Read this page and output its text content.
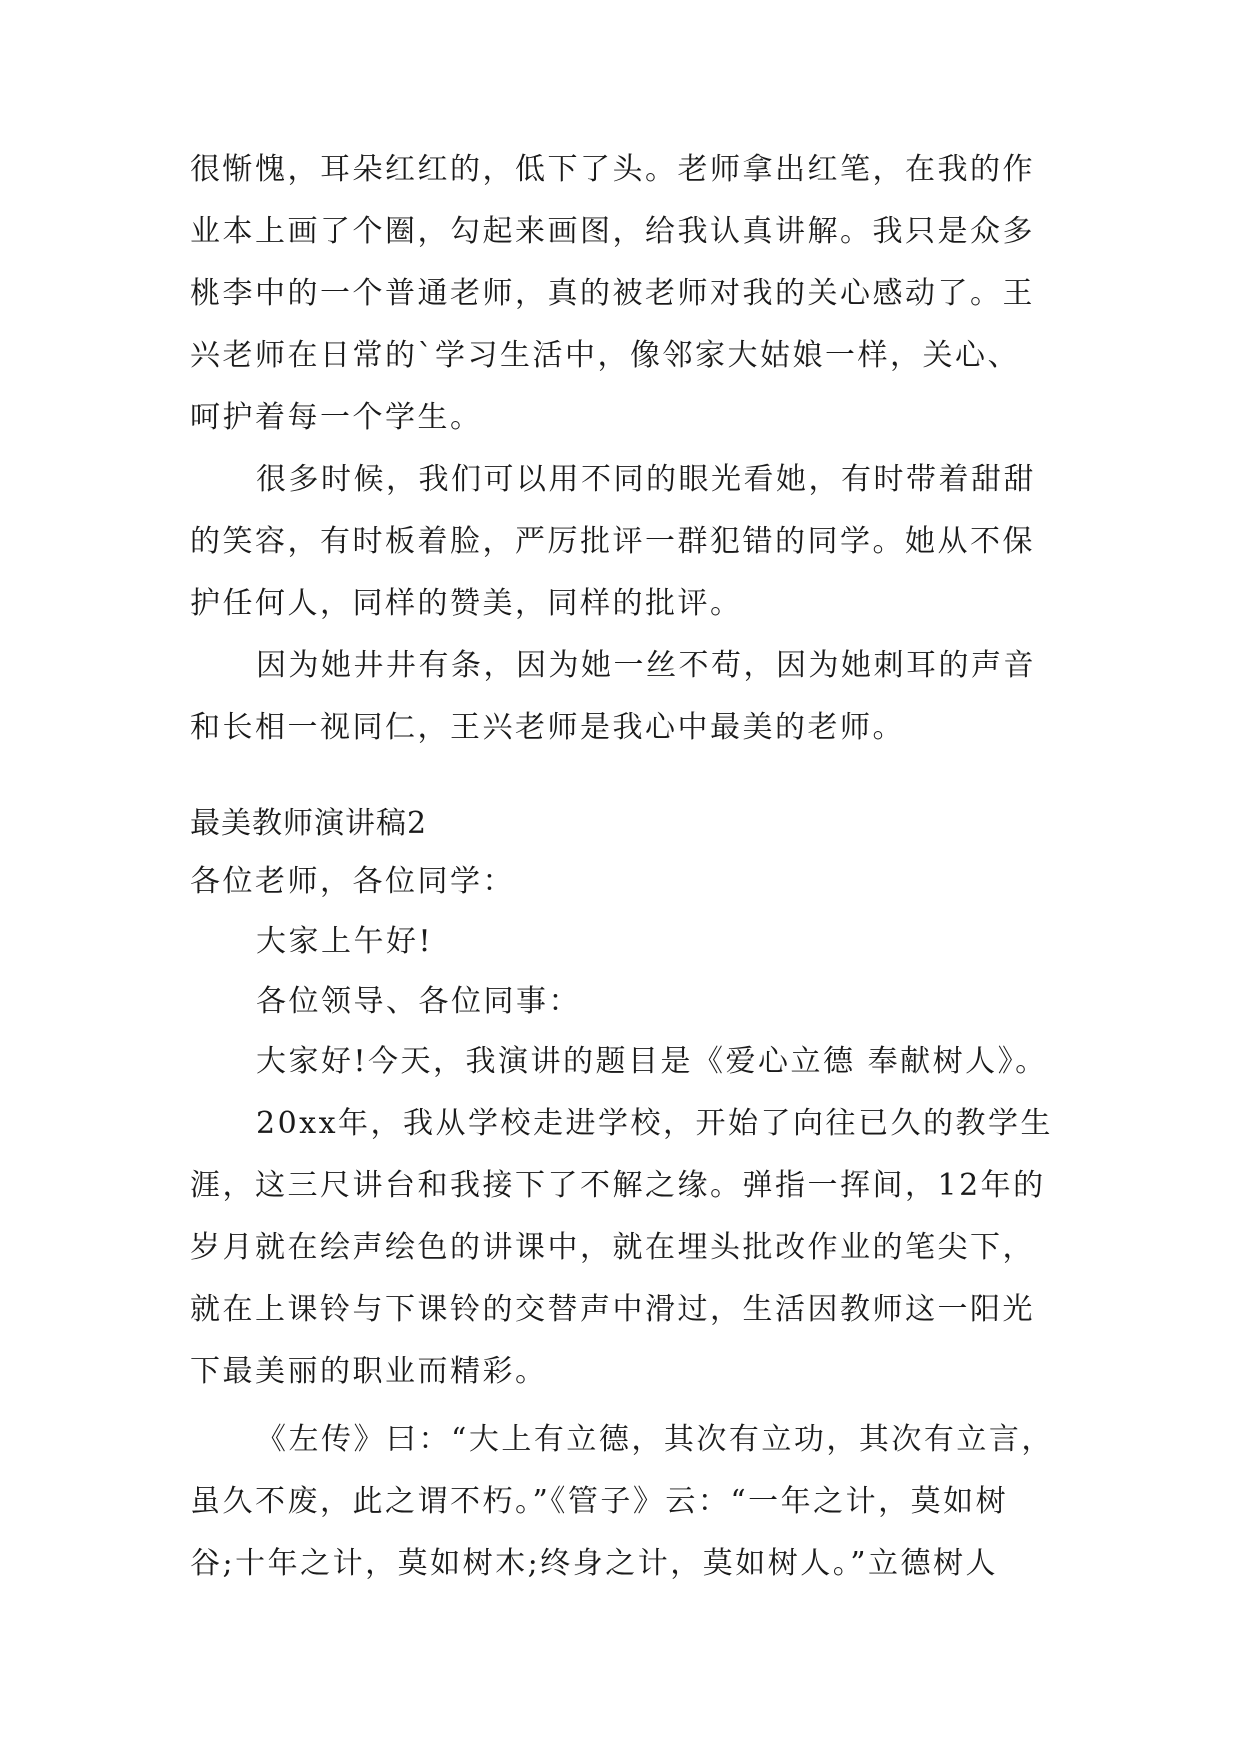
很惭愧，耳朵红红的，低下了头。老师拿出红笔，在我的作
业本上画了个圈，勾起来画图，给我认真讲解。我只是众多
桃李中的一个普通老师，真的被老师对我的关心感动了。王
兴老师在日常的`学习生活中，像邻家大姑娘一样，关心、
呵护着每一个学生。
很多时候，我们可以用不同的眼光看她，有时带着甜甜
的笑容，有时板着脸，严厉批评一群犯错的同学。她从不保
护任何人，同样的赞美，同样的批评。
因为她井井有条，因为她一丝不苟，因为她刺耳的声音
和长相一视同仁，王兴老师是我心中最美的老师。
最美教师演讲稿2
各位老师，各位同学：
大家上午好!
各位领导、各位同事：
大家好!今天，我演讲的题目是《爱心立德 奉献树人》。
20xx年，我从学校走进学校，开始了向往已久的教学生
涯，这三尺讲台和我接下了不解之缘。弹指一挥间，12年的
岁月就在绘声绘色的讲课中，就在埋头批改作业的笔尖下，
就在上课铃与下课铃的交替声中滑过，生活因教师这一阳光
下最美丽的职业而精彩。
《左传》曰：“大上有立德，其次有立功，其次有立言，
虽久不废，此之谓不朽。”《管子》云：“一年之计，莫如树
谷;十年之计，莫如树木;终身之计，莫如树人。”立德树人
